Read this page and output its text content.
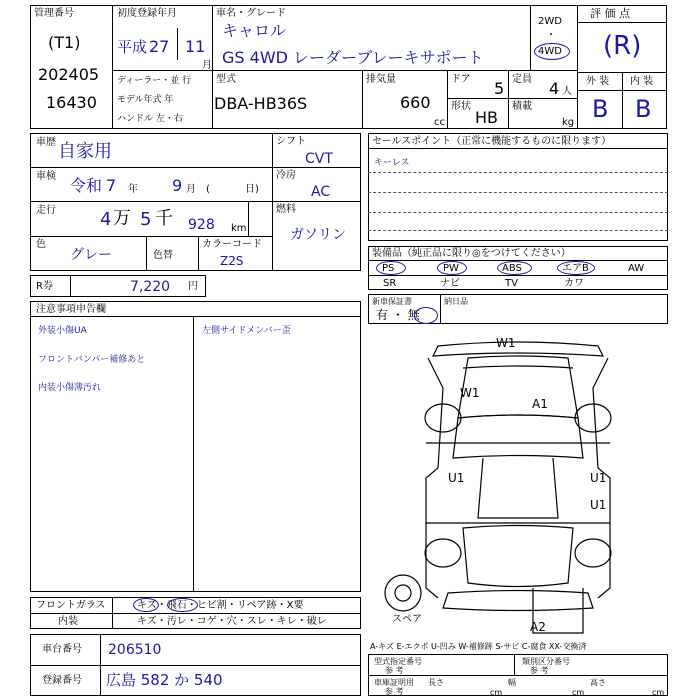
管理番号
(T1)
202405
16430
初度登録年月
平成 27 11
月
車名・グレード
キャロル
GS 4WD レーダーブレーキサポート
2WD
・
4WD
評 価 点
(R)
外 装 内 装
B B
ディーラー・並 行
モデル年式 年
ハンドル 左・右
型式
DBA-HB36S
排気量
660
cc
ドア 5 定員 4 人
形状
HB
積載
kg
車歴 自家用
車検 令和 7 年 9 月 (	日)
走行 4 万 5 千 928 km
色
グレー	色替
カラーコード
Z2S
シフト
CVT
冷房
AC
燃料
ガソリン
R券	7,220 円
注意事項申告欄
外装小傷UA
フロントバンパー補修あと
内装小傷薄汚れ
左側サイドメンバー歪
フロントガラス	キズ・飛石・ヒビ割・リペア跡・X要
内装	キズ・汚レ・コゲ・穴・スレ・キレ・破レ
車台番号 206510
登録番号 広島 582 か 540
セールスポイント（正常に機能するものに限ります）
キーレス
装備品（純正品に限り◎をつけてください）
PS	PW	ABS	エアB	AW
SR	ナビ	TV	カワ
新車保証書
有 ・ 無
納日品
W1
W1
A1
U1	U1
U1
A2
スペア
A-キズ E-エクボ U-凹み W-補修跡 S-サビ C-腐食 XX-交換済
型式指定番号
参 考
類別区分番号
参 考
車庫証明用
参 考
長さ	幅	高さ
cm	cm	cm
